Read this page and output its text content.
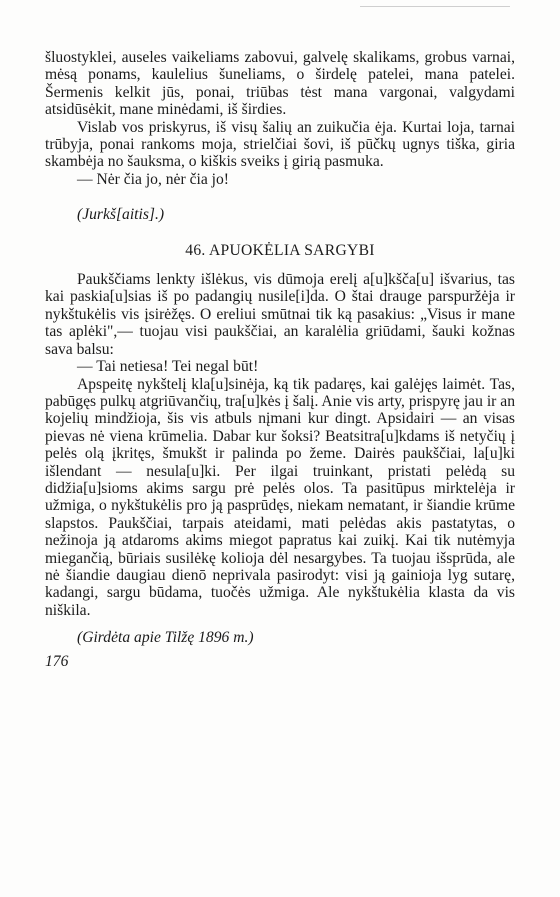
šluostyklei, auseles vaikeliams zabovui, galvelę skalikams, grobus varnai, mėsą ponams, kaulelius šuneliams, o širdelę patelei, mana patelei. Šermenis kelkit jūs, ponai, triūbas tėst mana vargonai, valgydami atsidūsėkit, mane minėdami, iš širdies.

Vislab vos priskyrus, iš visų šalių an zuikučia ėja. Kurtai loja, tarnai trūbyja, ponai rankoms moja, strielčiai šovi, iš pūčkų ugnys tiška, giria skambėja no šauksma, o kiškis sveiks į girią pasmuka.

— Nėr čia jo, nėr čia jo!

(Jurkš[aitis].)

46. APUOKĖLIA SARGYBI

Paukščiams lenkty išlėkus, vis dūmoja erelį a[u]kšča[u] išvarius, tas kai paskia[u]sias iš po padangių nusile[i]da. O štai drauge parspuržėja ir nykštukėlis vis įsirėžęs. O ereliui smūtnai tik ką pasakius: „Visus ir mane tas aplėki",— tuojau visi paukščiai, an karalėlia griūdami, šauki kožnas sava balsu:

— Tai netiesa! Tei negal būt!

Apspeitę nykštelį kla[u]sinėja, ką tik padaręs, kai galėjęs laimėt. Tas, pabūgęs pulkų atgriūvančių, tra[u]kės į šalį. Anie vis arty, prispyrę jau ir an kojelių mindžioja, šis vis atbuls nįmani kur dingt. Apsidairi — an visas pievas nė viena krūmelia. Dabar kur šoksi? Beatsitra[u]kdams iš netyčių į pelės olą įkritęs, šmukšt ir palinda po žeme. Dairės paukščiai, la[u]ki išlendant — nesula[u]ki. Per ilgai truinkant, pristati pelėdą su didžia[u]sioms akims sargu prė pelės olos. Ta pasitūpus mirktelėja ir užmiga, o nykštukėlis pro ją pasprūdęs, niekam nematant, ir šiandie krūme slapstos. Paukščiai, tarpais ateidami, mati pelėdas akis pastatytas, o nežinoja ją atdaroms akims miegot papratus kai zuikį. Kai tik nutėmyja miegančią, būriais susilėkę kolioja dėl nesargybes. Ta tuojau išsprūda, ale nė šiandie daugiau dienō neprivala pasirodyt: visi ją gainioja lyg sutarę, kadangi, sargu būdama, tuočės užmiga. Ale nykštukėlia klasta da vis niškila.

(Girdėta apie Tilžę 1896 m.)

176
